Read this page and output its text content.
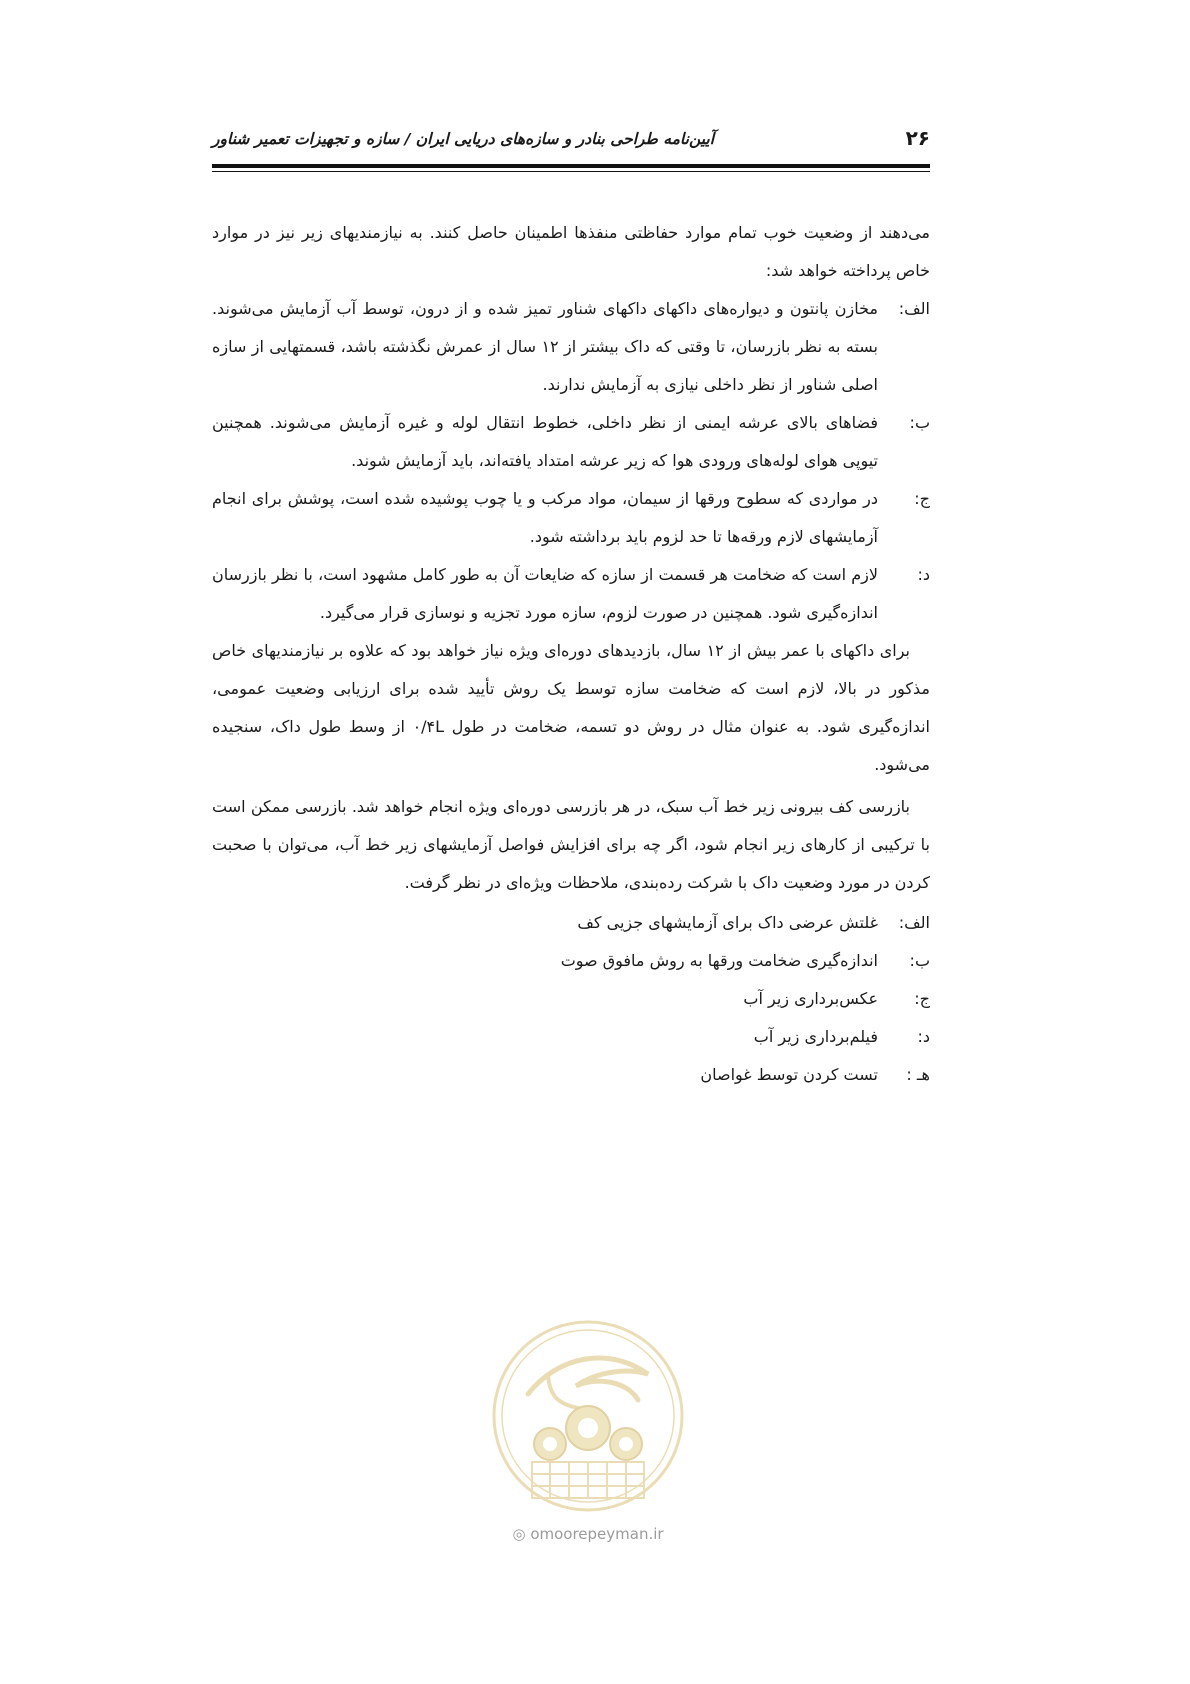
۲۶
آیین‌نامه طراحی بنادر و سازه‌های دریایی ایران / سازه و تجهیزات تعمیر شناور

می‌دهند از وضعیت خوب تمام موارد حفاظتی منفذها اطمینان حاصل کنند. به نیازمندیهای زیر نیز در موارد خاص پرداخته خواهد شد:

الف:
مخازن پانتون و دیواره‌های داکهای داکهای شناور تمیز شده و از درون، توسط آب آزمایش می‌شوند. بسته به نظر بازرسان، تا وقتی که داک بیشتر از ۱۲ سال از عمرش نگذشته باشد، قسمتهایی از سازه اصلی شناور از نظر داخلی نیازی به آزمایش ندارند.
ب:
فضاهای بالای عرشه ایمنی از نظر داخلی، خطوط انتقال لوله و غیره آزمایش می‌شوند. همچنین تیوپی هوای لوله‌های ورودی هوا که زیر عرشه امتداد یافته‌اند، باید آزمایش شوند.
ج:
در مواردی که سطوح ورقها از سیمان، مواد مرکب و یا چوب پوشیده شده است، پوشش برای انجام آزمایشهای لازم ورقه‌ها تا حد لزوم باید برداشته شود.
د:
لازم است که ضخامت هر قسمت از سازه که ضایعات آن به طور کامل مشهود است، با نظر بازرسان اندازه‌گیری شود. همچنین در صورت لزوم، سازه مورد تجزیه و نوسازی قرار می‌گیرد.

برای داکهای با عمر بیش از ۱۲ سال، بازدیدهای دوره‌ای ویژه نیاز خواهد بود که علاوه بر نیازمندیهای خاص مذکور در بالا، لازم است که ضخامت سازه توسط یک روش تأیید شده برای ارزیابی وضعیت عمومی، اندازه‌گیری شود. به عنوان مثال در روش دو تسمه، ضخامت در طول ۰/۴L از وسط طول داک، سنجیده می‌شود.

بازرسی کف بیرونی زیر خط آب سبک، در هر بازرسی دوره‌ای ویژه انجام خواهد شد. بازرسی ممکن است با ترکیبی از کارهای زیر انجام شود، اگر چه برای افزایش فواصل آزمایشهای زیر خط آب، می‌توان با صحبت کردن در مورد وضعیت داک با شرکت رده‌بندی، ملاحظات ویژه‌ای در نظر گرفت.

الف:
غلتش عرضی داک برای آزمایشهای جزیی کف
ب:
اندازه‌گیری ضخامت ورقها به روش مافوق صوت
ج:
عکس‌برداری زیر آب
د:
فیلم‌برداری زیر آب
هـ :
تست کردن توسط غواصان
◎ omoorepeyman.ir
